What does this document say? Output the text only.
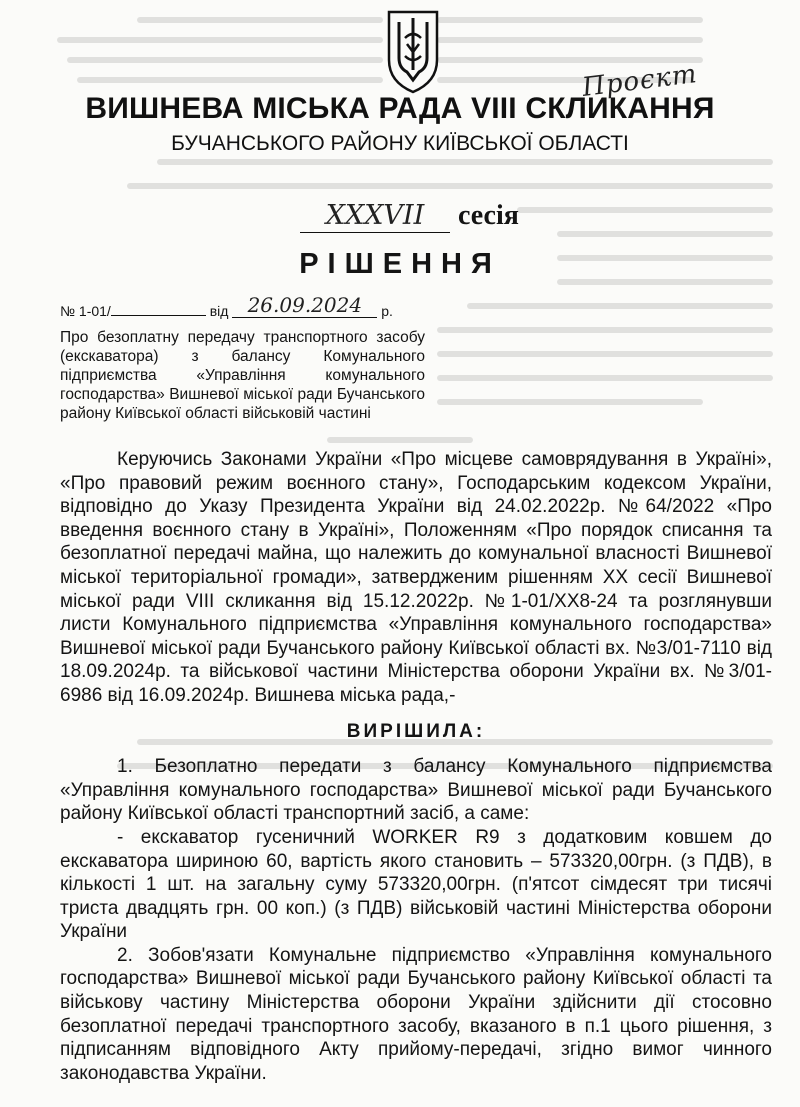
Проєкт
ВИШНЕВА МІСЬКА РАДА VIII СКЛИКАННЯ
БУЧАНСЬКОГО РАЙОНУ КИЇВСЬКОЇ ОБЛАСТІ
XXXVII	сесія
РІШЕННЯ
№ 1-01/	від 26.09.2024 р.
Про безоплатну передачу транспортного засобу (екскаватора) з балансу Комунального підприємства «Управління комунального господарства» Вишневої міської ради Бучанського району Київської області військовій частині

Керуючись Законами України «Про місцеве самоврядування в Україні», «Про правовий режим воєнного стану», Господарським кодексом України, відповідно до Указу Президента України від 24.02.2022р. №64/2022 «Про введення воєнного стану в Україні», Положенням «Про порядок списання та безоплатної передачі майна, що належить до комунальної власності Вишневої міської територіальної громади», затвердженим рішенням XX сесії Вишневої міської ради VIII скликання від 15.12.2022р. №1-01/XX8-24 та розглянувши листи Комунального підприємства «Управління комунального господарства» Вишневої міської ради Бучанського району Київської області вх. №3/01-7110 від 18.09.2024р. та військової частини Міністерства оборони України вх. №3/01-6986 від 16.09.2024р. Вишнева міська рада,-

ВИРІШИЛА:

1. Безоплатно передати з балансу Комунального підприємства «Управління комунального господарства» Вишневої міської ради Бучанського району Київської області транспортний засіб, а саме:

- екскаватор гусеничний WORKER R9 з додатковим ковшем до екскаватора шириною 60, вартість якого становить – 573320,00грн. (з ПДВ), в кількості 1 шт. на загальну суму 573320,00грн. (п'ятсот сімдесят три тисячі триста двадцять грн. 00 коп.) (з ПДВ) військовій частині Міністерства оборони України

2. Зобов'язати Комунальне підприємство «Управління комунального господарства» Вишневої міської ради Бучанського району Київської області та військову частину Міністерства оборони України здійснити дії стосовно безоплатної передачі транспортного засобу, вказаного в п.1 цього рішення, з підписанням відповідного Акту прийому-передачі, згідно вимог чинного законодавства України.
